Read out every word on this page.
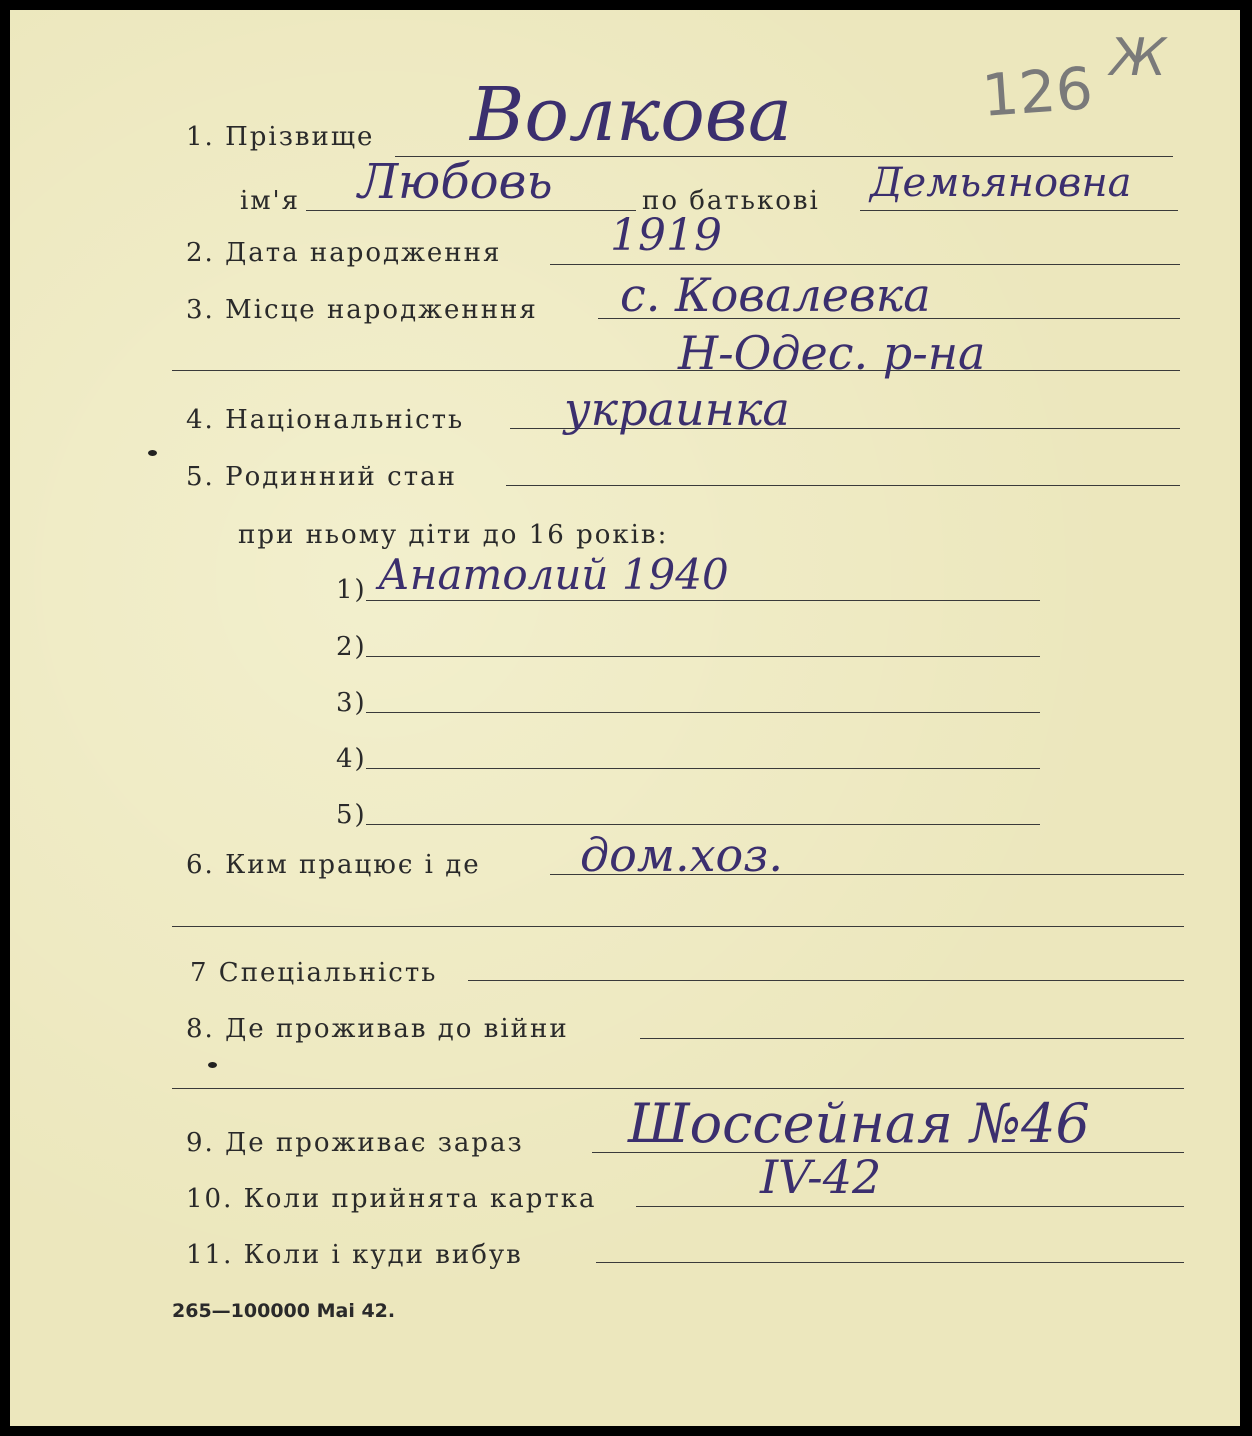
126 Ж
1. Прізвище Волкова
ім'я Любовь	по батькові Демьяновна
2. Дата народження 1919
3. Місце народженння с. Ковалевка
Н-Одес. р-на
4. Національність украинка
5. Родинний стан
при ньому діти до 16 років:
1) Анатолий 1940
2)
3)
4)
5)
6. Ким працює і де дом.хоз.
7 Спеціальність
8. Де проживав до війни
9. Де проживає зараз Шоссейная №46
10. Коли прийнята картка	IV-42
11. Коли і куди вибув
265—100000 Mai 42.
